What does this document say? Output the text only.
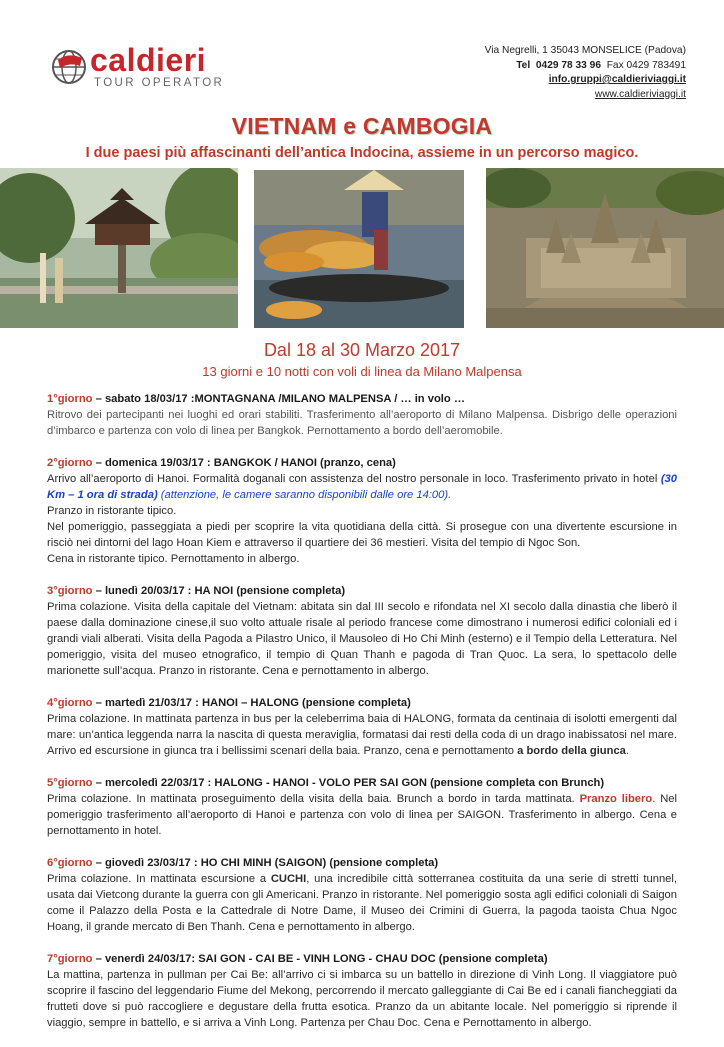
caldieri
TOUR OPERATOR
Via Negrelli, 1 35043 MONSELICE (Padova)
Tel 0429 78 33 96 Fax 0429 783491
info.gruppi@caldieriviaggi.it
www.caldieriviaggi.it
VIETNAM e CAMBOGIA
I due paesi più affascinanti dell’antica Indocina, assieme in un percorso magico.
Dal 18 al 30 Marzo 2017
13 giorni e 10 notti con voli di linea da Milano Malpensa
1°giorno – sabato 18/03/17 :MONTAGNANA /MILANO MALPENSA / … in volo …
Ritrovo dei partecipanti nei luoghi ed orari stabiliti. Trasferimento all’aeroporto di Milano Malpensa. Disbrigo delle operazioni d’imbarco e partenza con volo di linea per Bangkok. Pernottamento a bordo dell’aeromobile.
2°giorno – domenica 19/03/17 : BANGKOK / HANOI (pranzo, cena)

Arrivo all’aeroporto di Hanoi. Formalità doganali con assistenza del nostro personale in loco. Trasferimento privato in hotel (30 Km – 1 ora di strada) (attenzione, le camere saranno disponibili dalle ore 14:00).

Pranzo in ristorante tipico.

Nel pomeriggio, passeggiata a piedi per scoprire la vita quotidiana della città. Si prosegue con una divertente escursione in risciò nei dintorni del lago Hoan Kiem e attraverso il quartiere dei 36 mestieri. Visita del tempio di Ngoc Son.

Cena in ristorante tipico. Pernottamento in albergo.

3°giorno – lunedì 20/03/17 : HA NOI (pensione completa)
Prima colazione. Visita della capitale del Vietnam: abitata sin dal III secolo e rifondata nel XI secolo dalla dinastia che liberò il paese dalla dominazione cinese,il suo volto attuale risale al periodo francese come dimostrano i numerosi edifici coloniali ed i grandi viali alberati. Visita della Pagoda a Pilastro Unico, il Mausoleo di Ho Chi Minh (esterno) e il Tempio della Letteratura. Nel pomeriggio, visita del museo etnografico, il tempio di Quan Thanh e pagoda di Tran Quoc. La sera, lo spettacolo delle marionette sull’acqua. Pranzo in ristorante. Cena e pernottamento in albergo.
4°giorno – martedì 21/03/17 : HANOI – HALONG (pensione completa)
Prima colazione. In mattinata partenza in bus per la celeberrima baia di HALONG, formata da centinaia di isolotti emergenti dal mare: un’antica leggenda narra la nascita di questa meraviglia, formatasi dai resti della coda di un drago inabissatosi nel mare. Arrivo ed escursione in giunca tra i bellissimi scenari della baia. Pranzo, cena e pernottamento a bordo della giunca.
5°giorno – mercoledì 22/03/17 : HALONG - HANOI - VOLO PER SAI GON (pensione completa con Brunch)
Prima colazione. In mattinata proseguimento della visita della baia. Brunch a bordo in tarda mattinata. Pranzo libero. Nel pomeriggio trasferimento all’aeroporto di Hanoi e partenza con volo di linea per SAIGON. Trasferimento in albergo. Cena e pernottamento in hotel.
6°giorno – giovedì 23/03/17 : HO CHI MINH (SAIGON) (pensione completa)
Prima colazione. In mattinata escursione a CUCHI, una incredibile città sotterranea costituita da una serie di stretti tunnel, usata dai Vietcong durante la guerra con gli Americani. Pranzo in ristorante. Nel pomeriggio sosta agli edifici coloniali di Saigon come il Palazzo della Posta e la Cattedrale di Notre Dame, il Museo dei Crimini di Guerra, la pagoda taoista Chua Ngoc Hoang, il grande mercato di Ben Thanh. Cena e pernottamento in albergo.
7°giorno – venerdì 24/03/17: SAI GON - CAI BE - VINH LONG - CHAU DOC (pensione completa)
La mattina, partenza in pullman per Cai Be: all’arrivo ci si imbarca su un battello in direzione di Vinh Long. Il viaggiatore può scoprire il fascino del leggendario Fiume del Mekong, percorrendo il mercato galleggiante di Cai Be ed i canali fiancheggiati da frutteti dove si può raccogliere e degustare della frutta esotica. Pranzo da un abitante locale. Nel pomeriggio si riprende il viaggio, sempre in battello, e si arriva a Vinh Long. Partenza per Chau Doc. Cena e Pernottamento in albergo.
